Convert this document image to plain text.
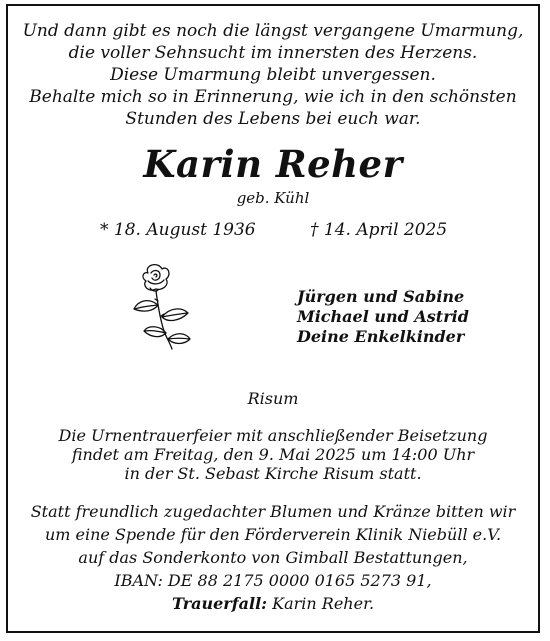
Und dann gibt es noch die längst vergangene Umarmung,
die voller Sehnsucht im innersten des Herzens.
Diese Umarmung bleibt unvergessen.
Behalte mich so in Erinnerung, wie ich in den schönsten
Stunden des Lebens bei euch war.
Karin Reher
geb. Kühl
* 18. August 1936	† 14. April 2025
Jürgen und Sabine
Michael und Astrid
Deine Enkelkinder
Risum
Die Urnentrauerfeier mit anschließender Beisetzung
findet am Freitag, den 9. Mai 2025 um 14:00 Uhr
in der St. Sebast Kirche Risum statt.
Statt freundlich zugedachter Blumen und Kränze bitten wir
um eine Spende für den Förderverein Klinik Niebüll e.V.
auf das Sonderkonto von Gimball Bestattungen,
IBAN: DE 88 2175 0000 0165 5273 91,
Trauerfall: Karin Reher.
